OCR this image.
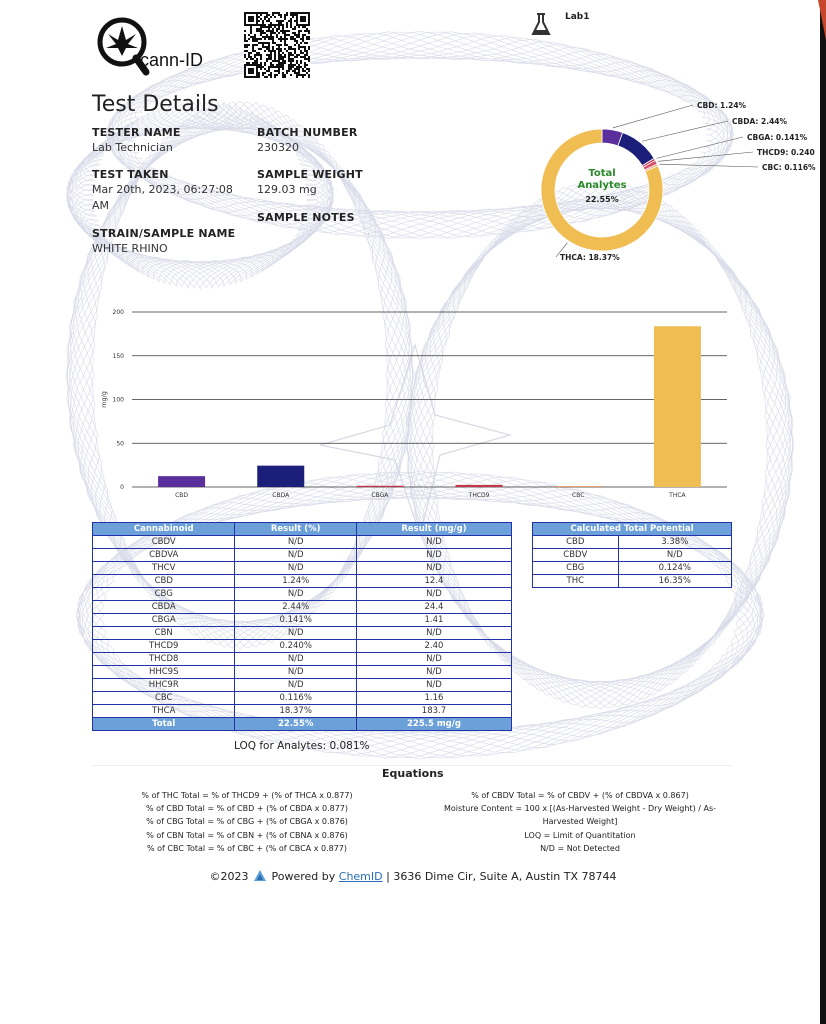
cann-ID
Lab1
Test Details
TESTER NAME
Lab Technician
BATCH NUMBER
230320
TEST TAKEN
Mar 20th, 2023, 06:27:08
AM
SAMPLE WEIGHT
129.03 mg
SAMPLE NOTES
STRAIN/SAMPLE NAME
WHITE RHINO
CBD: 1.24%
CBDA: 2.44%
CBGA: 0.141%
THCD9: 0.240
CBC: 0.116%
THCA: 18.37%
Total
Analytes
22.55%
0
50
100
150
200
mg/g
CBD	CBDA	CBGA	THCD9	CBC	THCA
Cannabinoid	Result (%)	Result (mg/g)
CBDV	N/D	N/D
CBDVA	N/D	N/D
THCV	N/D	N/D
CBD	1.24%	12.4
CBG	N/D	N/D
CBDA	2.44%	24.4
CBGA	0.141%	1.41
CBN	N/D	N/D
THCD9	0.240%	2.40
THCD8	N/D	N/D
HHC9S	N/D	N/D
HHC9R	N/D	N/D
CBC	0.116%	1.16
THCA	18.37%	183.7
Total	22.55%	225.5 mg/g
Calculated Total Potential	
CBD	3.38%
CBDV	N/D
CBG	0.124%
THC	16.35%
LOQ for Analytes: 0.081%
Equations
% of THC Total = % of THCD9 + (% of THCA x 0.877)
% of CBD Total = % of CBD + (% of CBDA x 0.877)
% of CBG Total = % of CBG + (% of CBGA x 0.876)
% of CBN Total = % of CBN + (% of CBNA x 0.876)
% of CBC Total = % of CBC + (% of CBCA x 0.877)
% of CBDV Total = % of CBDV + (% of CBDVA x 0.867)
Moisture Content = 100 x [(As-Harvested Weight - Dry Weight) / As-
Harvested Weight]
LOQ = Limit of Quantitation
N/D = Not Detected
©2023 Powered by ChemID | 3636 Dime Cir, Suite A, Austin TX 78744
